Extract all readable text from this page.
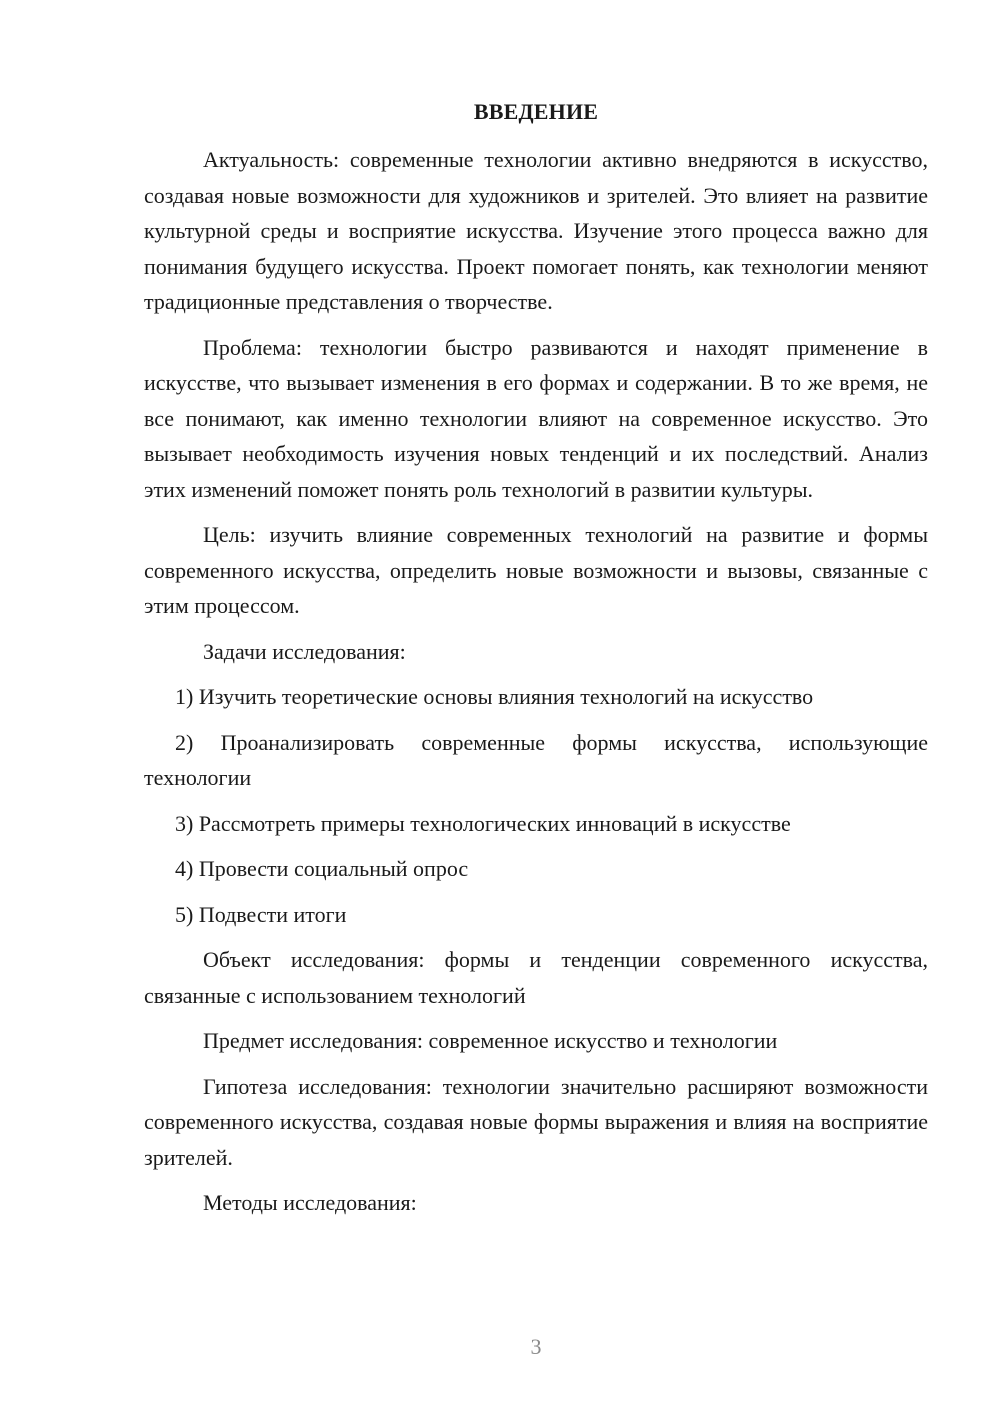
ВВЕДЕНИЕ

Актуальность: современные технологии активно внедряются в искусство, создавая новые возможности для художников и зрителей. Это влияет на развитие культурной среды и восприятие искусства. Изучение этого процесса важно для понимания будущего искусства. Проект помогает понять, как технологии меняют традиционные представления о творчестве.

Проблема: технологии быстро развиваются и находят применение в искусстве, что вызывает изменения в его формах и содержании. В то же время, не все понимают, как именно технологии влияют на современное искусство. Это вызывает необходимость изучения новых тенденций и их последствий. Анализ этих изменений поможет понять роль технологий в развитии культуры.

Цель: изучить влияние современных технологий на развитие и формы современного искусства, определить новые возможности и вызовы, связанные с этим процессом.

Задачи исследования:

1) Изучить теоретические основы влияния технологий на искусство

2) Проанализировать современные формы искусства, использующие технологии

3) Рассмотреть примеры технологических инноваций в искусстве

4) Провести социальный опрос

5) Подвести итоги

Объект исследования: формы и тенденции современного искусства, связанные с использованием технологий

Предмет исследования: современное искусство и технологии

Гипотеза исследования: технологии значительно расширяют возможности современного искусства, создавая новые формы выражения и влияя на восприятие зрителей.

Методы исследования:

3
